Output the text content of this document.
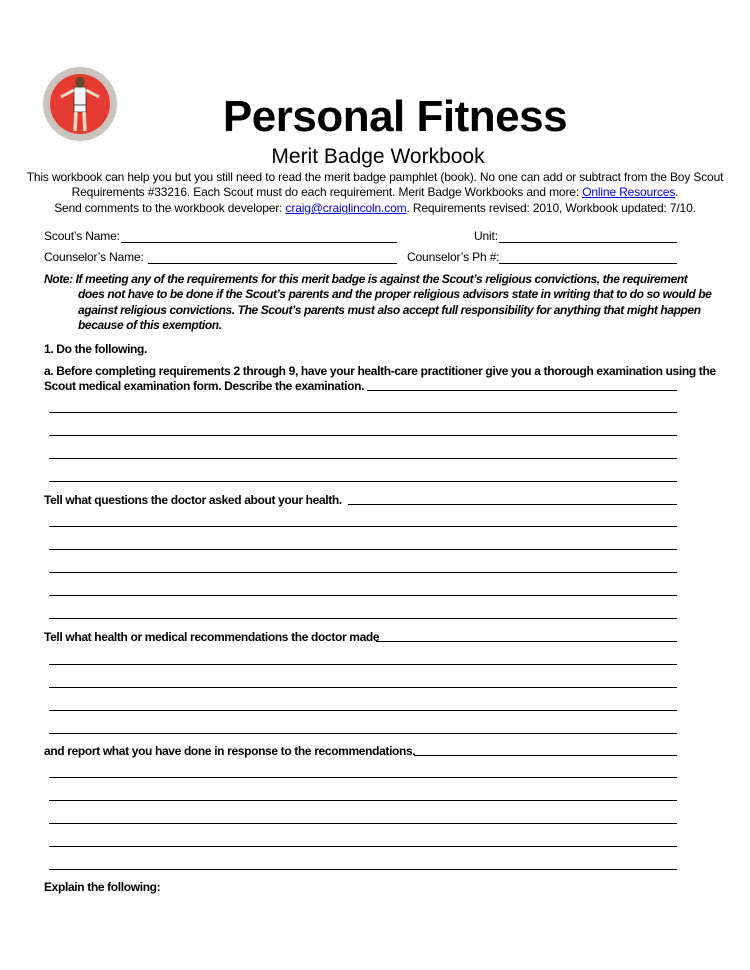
Personal Fitness
Merit Badge Workbook
This workbook can help you but you still need to read the merit badge pamphlet (book). No one can add or subtract from the Boy Scout
Requirements #33216. Each Scout must do each requirement. Merit Badge Workbooks and more: Online Resources.
Send comments to the workbook developer: craig@craiglincoln.com. Requirements revised: 2010, Workbook updated: 7/10.
Scout’s Name:	Unit:
Counselor’s Name:	Counselor’s Ph #:
Note: If meeting any of the requirements for this merit badge is against the Scout’s religious convictions, the requirement
does not have to be done if the Scout’s parents and the proper religious advisors state in writing that to do so would be against religious convictions. The Scout’s parents must also accept full responsibility for anything that might happen because of this exemption.
1. Do the following.
a. Before completing requirements 2 through 9, have your health-care practitioner give you a thorough examination using the
Scout medical examination form. Describe the examination.
Tell what questions the doctor asked about your health.
Tell what health or medical recommendations the doctor made
and report what you have done in response to the recommendations.
Explain the following:
